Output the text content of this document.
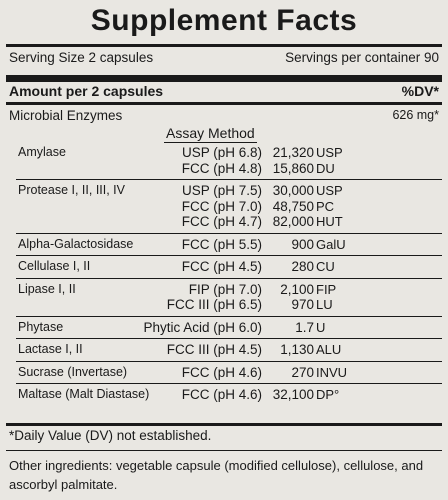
Supplement Facts
Serving Size 2 capsules	Servings per container 90
Amount per 2 capsules	%DV*
Microbial Enzymes	626 mg*
Assay Method
Amylase	USP (pH 6.8) 21,320 USP
FCC (pH 4.8) 15,860 DU
Protease I, II, III, IV	USP (pH 7.5) 30,000 USP
FCC (pH 7.0) 48,750 PC
FCC (pH 4.7) 82,000 HUT
Alpha-Galactosidase	FCC (pH 5.5) 900 GalU
Cellulase I, II	FCC (pH 4.5) 280 CU
Lipase I, II	FIP (pH 7.0) 2,100 FIP
FCC III (pH 6.5) 970 LU
Phytase	Phytic Acid (pH 6.0) 1.7 U
Lactase I, II	FCC III (pH 4.5) 1,130 ALU
Sucrase (Invertase)	FCC (pH 4.6) 270 INVU
Maltase (Malt Diastase) FCC (pH 4.6) 32,100 DP°
*Daily Value (DV) not established.
Other ingredients: vegetable capsule (modified cellulose), cellulose, and ascorbyl palmitate.
